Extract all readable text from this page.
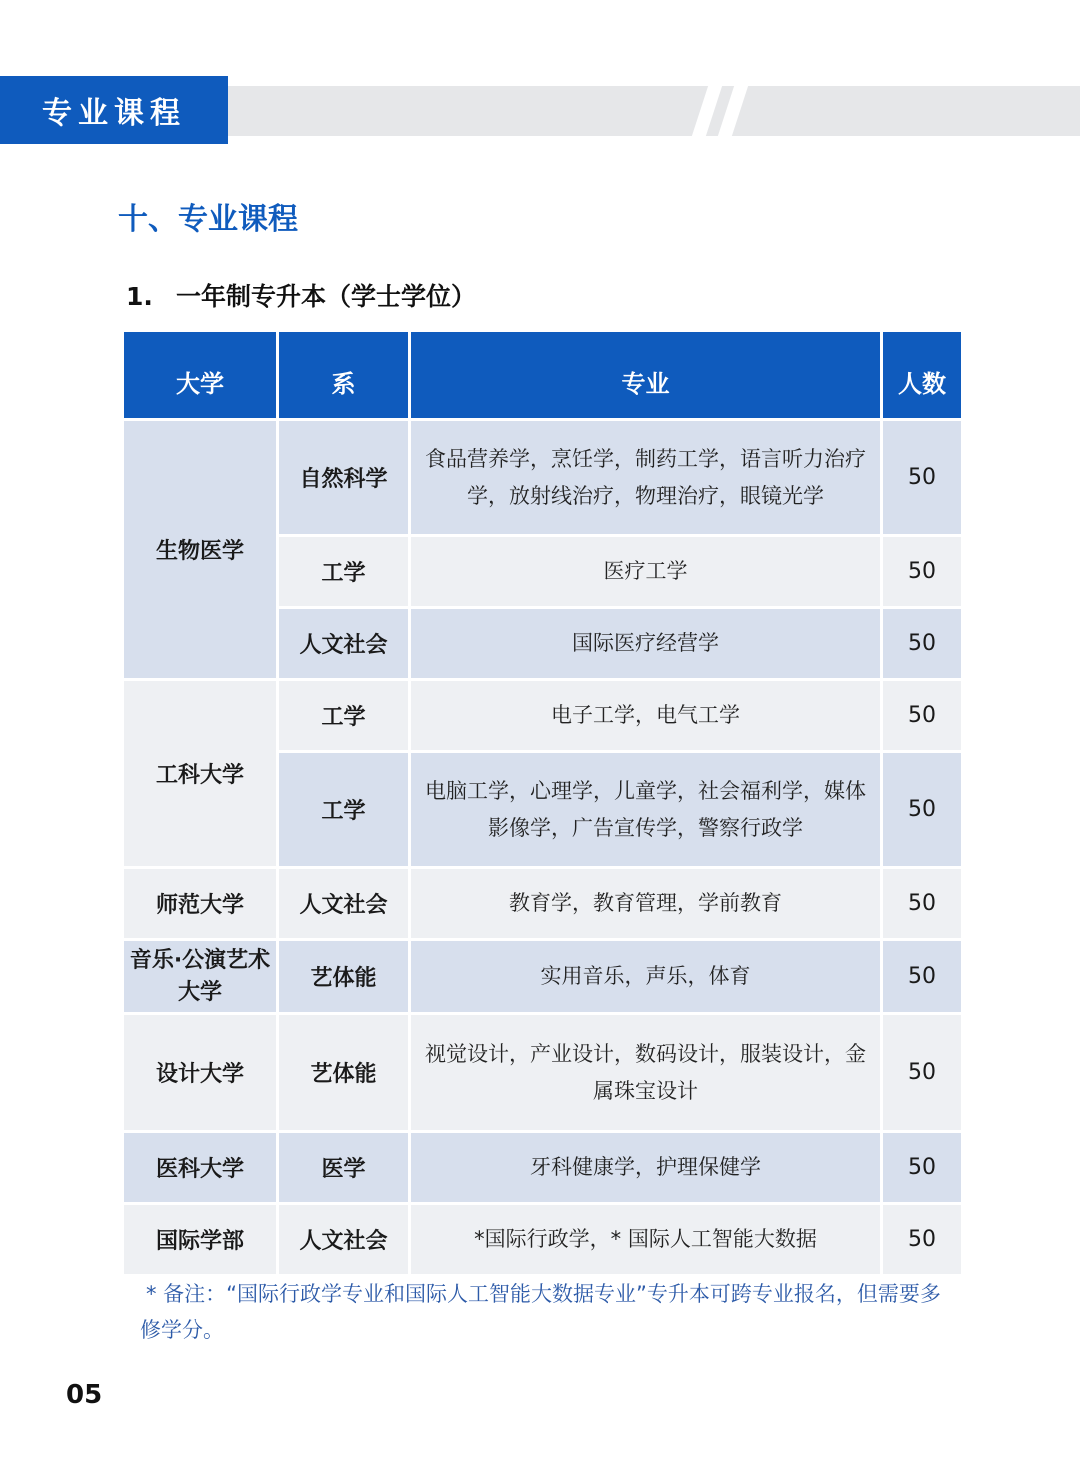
专业课程
十、专业课程
1. 一年制专升本（学士学位）
大学	系	专业	人数
生物医学	自然科学	食品营养学，烹饪学，制药工学，语言听力治疗学，放射线治疗，物理治疗，眼镜光学	50
	工学	医疗工学	50
	人文社会	国际医疗经营学	50
工科大学	工学	电子工学，电气工学	50
	工学	电脑工学，心理学，儿童学，社会福利学，媒体影像学，广告宣传学，警察行政学	50
师范大学	人文社会	教育学，教育管理，学前教育	50
音乐·公演艺术大学	艺体能	实用音乐，声乐，体育	50
设计大学	艺体能	视觉设计，产业设计，数码设计，服装设计，金属珠宝设计	50
医科大学	医学	牙科健康学，护理保健学	50
国际学部	人文社会	*国际行政学，* 国际人工智能大数据	50
* 备注：“国际行政学专业和国际人工智能大数据专业”专升本可跨专业报名，但需要多修学分。
05
